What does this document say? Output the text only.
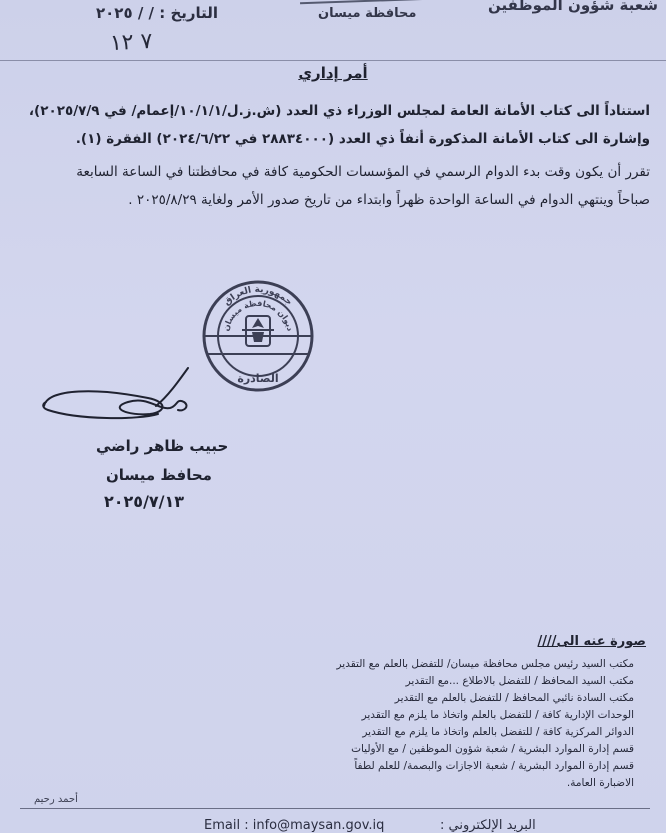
شعبة شؤون الموظفين
محافظة ميسان
التاريخ : / / ٢٠٢٥
٧ ١٢
أمر إداري
استناداً الى كتاب الأمانة العامة لمجلس الوزراء ذي العدد (ش.ز.ل/١٠/١/١/إعمام/ في ٢٠٢٥/٧/٩)،
وإشارة الى كتاب الأمانة المذكورة أنفاً ذي العدد (٢٨٨٣٤٠٠٠ في ٢٠٢٤/٦/٢٢) الفقرة (١).
تقرر أن يكون وقت بدء الدوام الرسمي في المؤسسات الحكومية كافة في محافظتنا في الساعة السابعة
صباحاً وينتهي الدوام في الساعة الواحدة ظهراً وابتداء من تاريخ صدور الأمر ولغاية ٢٠٢٥/٨/٢٩ .
جمهورية العراق
ديوان محافظة ميسان
الصادرة
حبيب ظاهر راضي
محافظ ميسان
٢٠٢٥/٧/١٣
صورة عنه الى////
مكتب السيد رئيس مجلس محافظة ميسان/ للتفضل بالعلم مع التقدير
مكتب السيد المحافظ / للتفضل بالاطلاع ...مع التقدير
مكتب السادة نائبي المحافظ / للتفضل بالعلم مع التقدير
الوحدات الإدارية كافة / للتفضل بالعلم واتخاذ ما يلزم مع التقدير
الدوائر المركزية كافة / للتفضل بالعلم واتخاذ ما يلزم مع التقدير
قسم إدارة الموارد البشرية / شعبة شؤون الموظفين / مع الأوليات
قسم إدارة الموارد البشرية / شعبة الاجازات والبصمة/ للعلم لطفاً
الاضبارة العامة.
أحمد رحيم
Email : info@maysan.gov.iq	البريد الإلكتروني :
